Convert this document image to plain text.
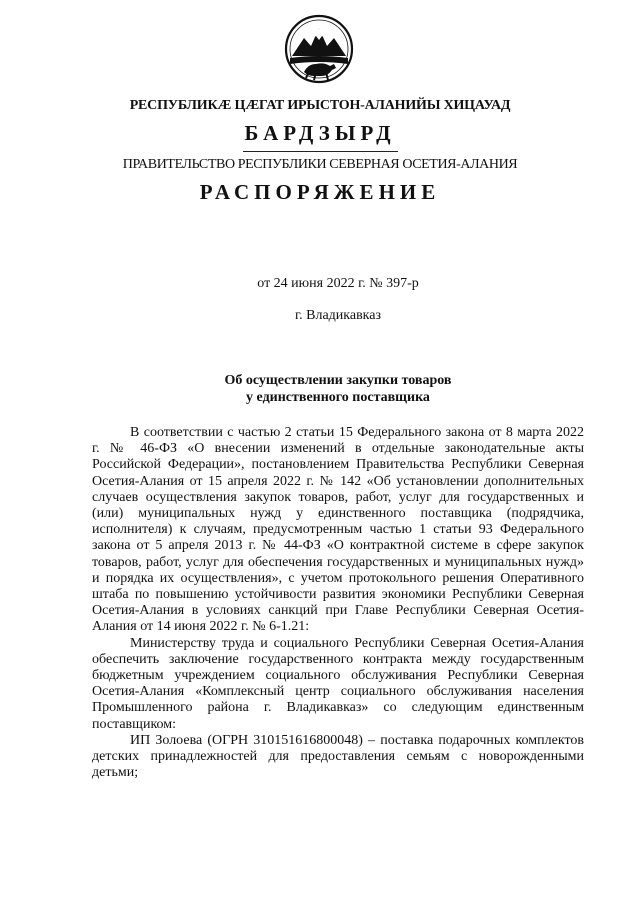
РЕСПУБЛИКӔ ЦӔГАТ ИРЫСТОН-АЛАНИЙЫ ХИЦАУАД
БАРДЗЫРД
ПРАВИТЕЛЬСТВО РЕСПУБЛИКИ СЕВЕРНАЯ ОСЕТИЯ-АЛАНИЯ
РАСПОРЯЖЕНИЕ
от 24 июня 2022 г. № 397-р
г. Владикавказ
Об осуществлении закупки товаров
у единственного поставщика

В соответствии с частью 2 статьи 15 Федерального закона от 8 марта 2022 г. № 46-ФЗ «О внесении изменений в отдельные законодательные акты Российской Федерации», постановлением Правительства Республики Северная Осетия-Алания от 15 апреля 2022 г. № 142 «Об установлении дополнительных случаев осуществления закупок товаров, работ, услуг для государственных и (или) муниципальных нужд у единственного поставщика (подрядчика, исполнителя) к случаям, предусмотренным частью 1 статьи 93 Федерального закона от 5 апреля 2013 г. № 44-ФЗ «О контрактной системе в сфере закупок товаров, работ, услуг для обеспечения государственных и муниципальных нужд» и порядка их осуществления», с учетом протокольного решения Оперативного штаба по повышению устойчивости развития экономики Республики Северная Осетия-Алания в условиях санкций при Главе Республики Северная Осетия-Алания от 14 июня 2022 г. № 6-1.21:

Министерству труда и социального Республики Северная Осетия-Алания обеспечить заключение государственного контракта между государственным бюджетным учреждением социального обслуживания Республики Северная Осетия-Алания «Комплексный центр социального обслуживания населения Промышленного района г. Владикавказ» со следующим единственным поставщиком:

ИП Золоева (ОГРН 310151616800048) – поставка подарочных комплектов детских принадлежностей для предоставления семьям с новорожденными детьми;
